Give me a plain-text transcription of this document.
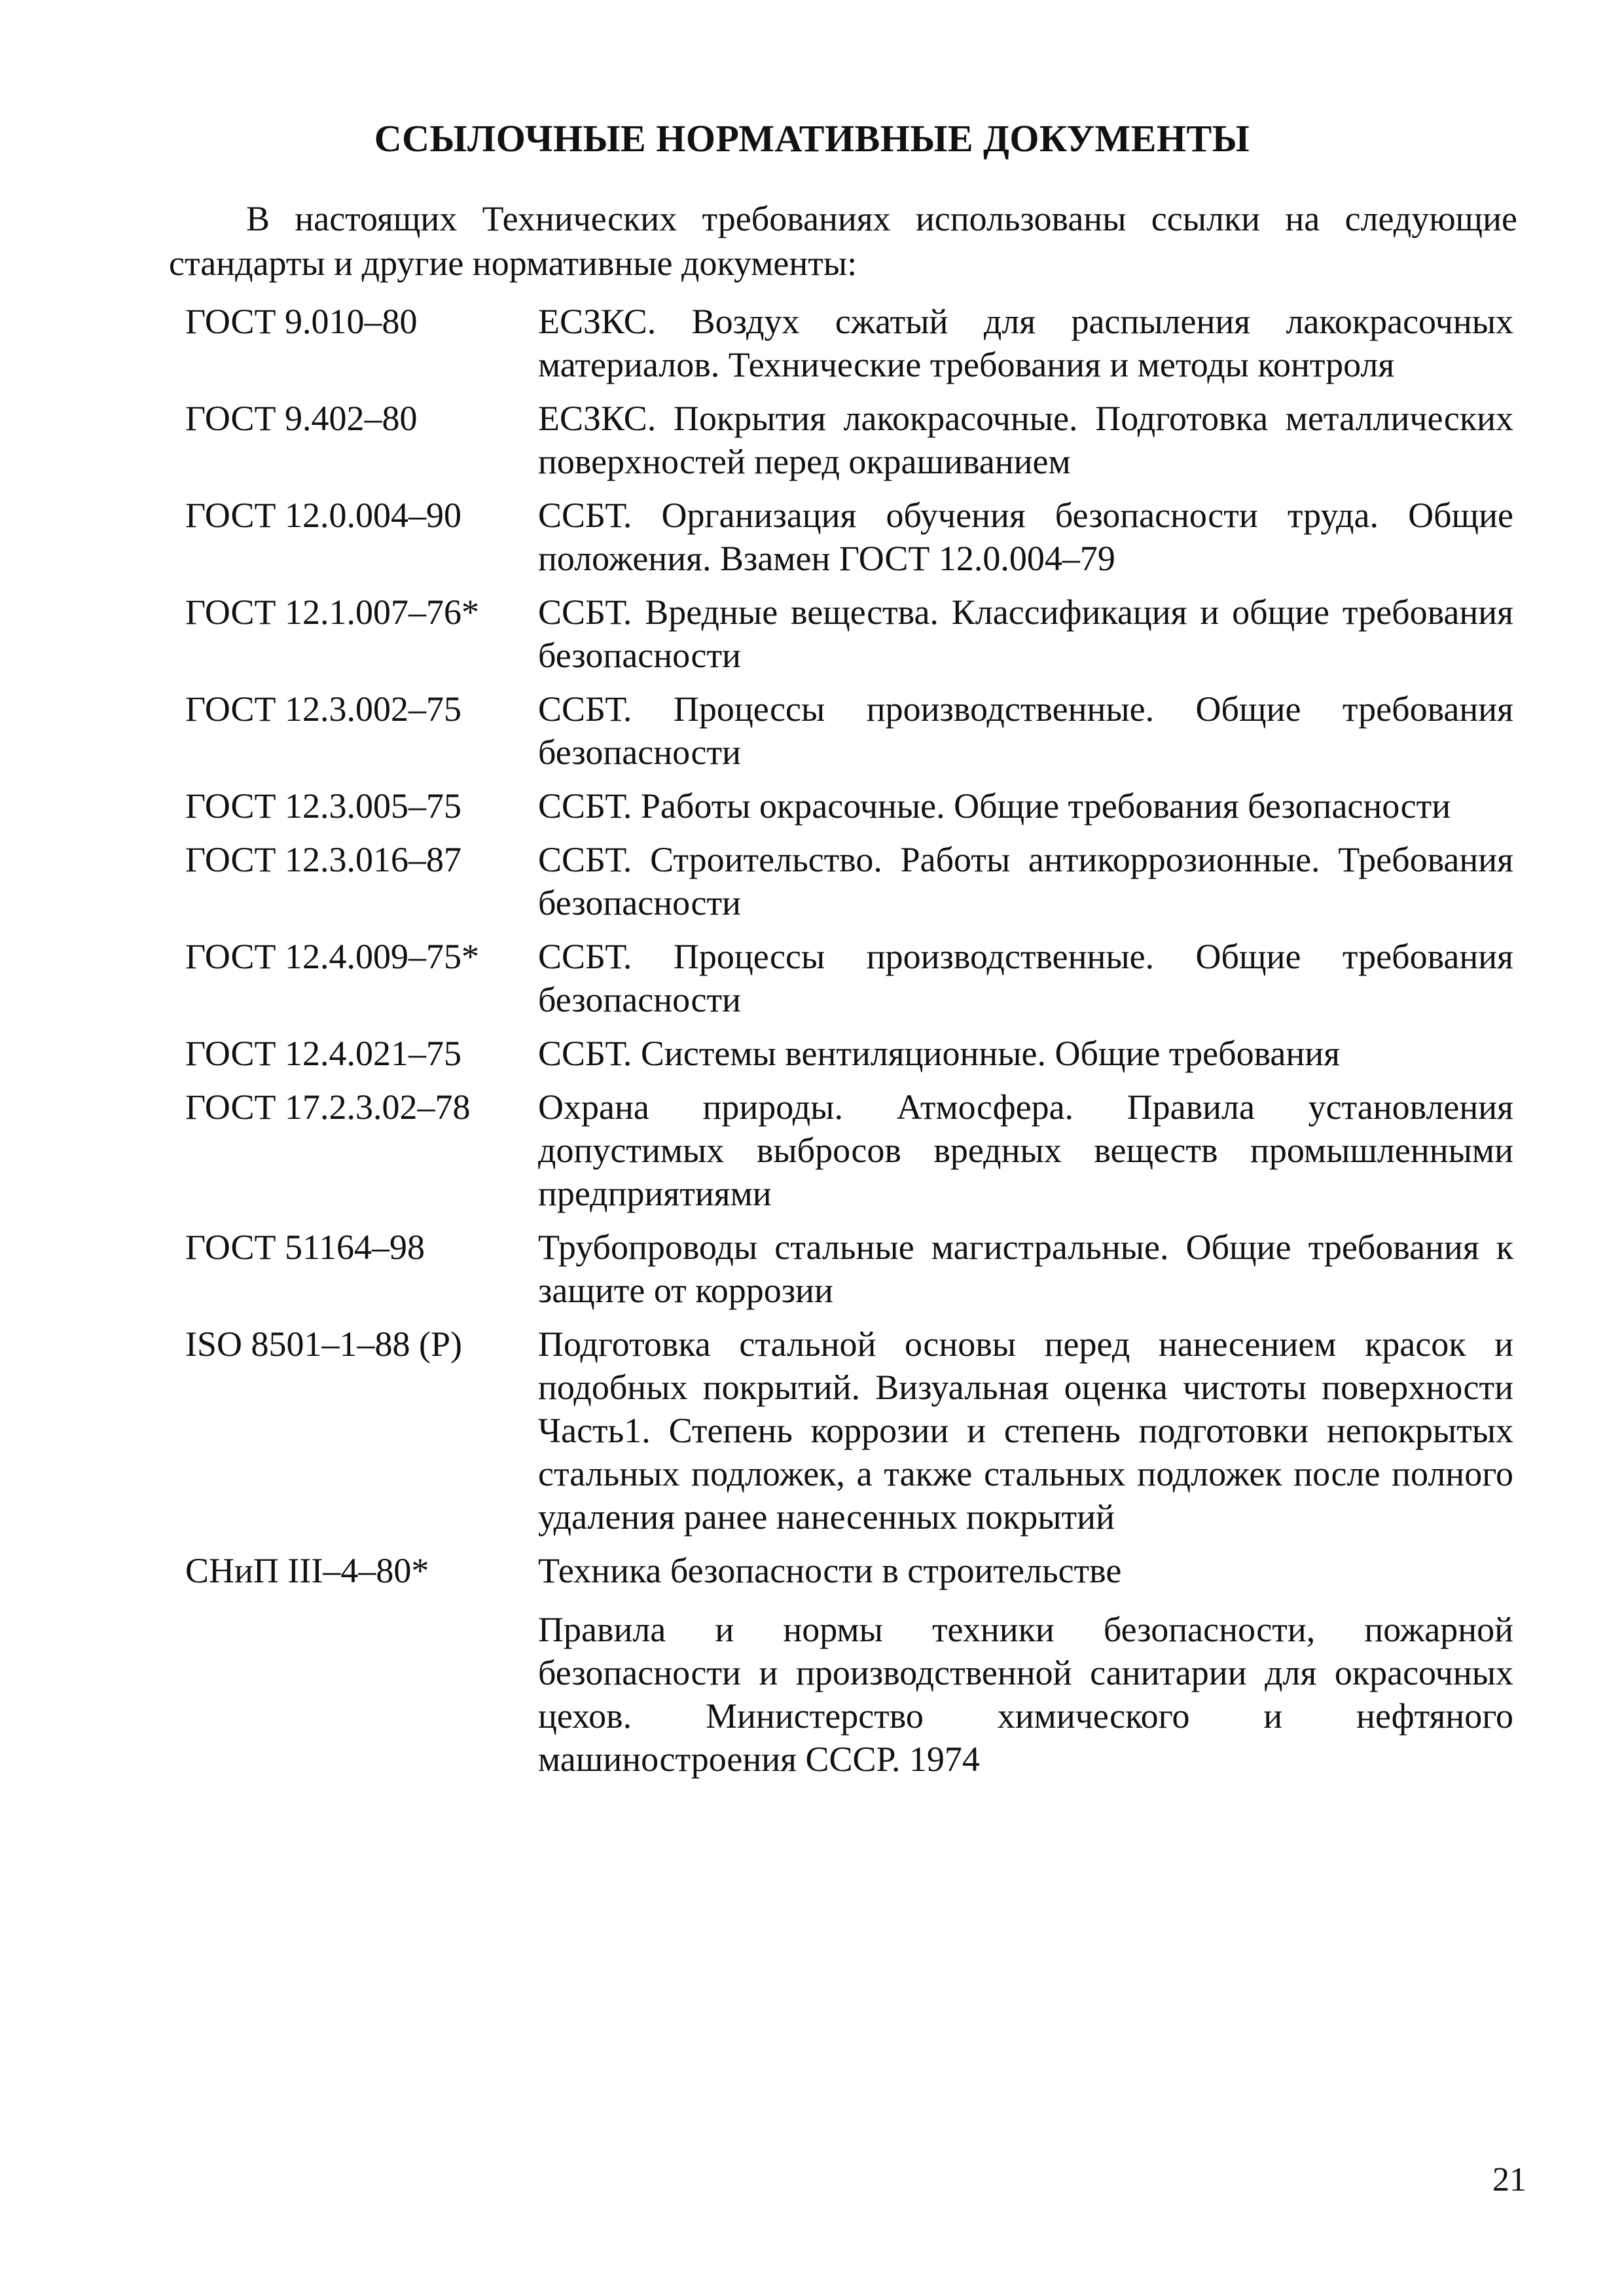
ССЫЛОЧНЫЕ НОРМАТИВНЫЕ ДОКУМЕНТЫ

В настоящих Технических требованиях использованы ссылки на следующие стандарты и другие нормативные документы:

ГОСТ 9.010–80	ЕСЗКС. Воздух сжатый для распыления лакокрасочных материалов. Технические требования и методы контроля
ГОСТ 9.402–80	ЕСЗКС. Покрытия лакокрасочные. Подготовка металлических поверхностей перед окрашиванием
ГОСТ 12.0.004–90	ССБТ. Организация обучения безопасности труда. Общие положения. Взамен ГОСТ 12.0.004–79
ГОСТ 12.1.007–76*	ССБТ. Вредные вещества. Классификация и общие требования безопасности
ГОСТ 12.3.002–75	ССБТ. Процессы производственные. Общие требования безопасности
ГОСТ 12.3.005–75	ССБТ. Работы окрасочные. Общие требования безопасности
ГОСТ 12.3.016–87	ССБТ. Строительство. Работы антикоррозионные. Требования безопасности
ГОСТ 12.4.009–75*	ССБТ. Процессы производственные. Общие требования безопасности
ГОСТ 12.4.021–75	ССБТ. Системы вентиляционные. Общие требования
ГОСТ 17.2.3.02–78	Охрана природы. Атмосфера. Правила установления допустимых выбросов вредных веществ промышленными предприятиями
ГОСТ 51164–98	Трубопроводы стальные магистральные. Общие требования к защите от коррозии
ISO 8501–1–88 (Р)	Подготовка стальной основы перед нанесением красок и подобных покрытий. Визуальная оценка чистоты поверхности Часть1. Степень коррозии и степень подготовки непокрытых стальных подложек, а также стальных подложек после полного удаления ранее нанесенных покрытий
СНиП III–4–80*	Техника безопасности в строительстве

Правила и нормы техники безопасности, пожарной безопасности и производственной санитарии для окрасочных цехов. Министерство химического и нефтяного машиностроения СССР. 1974

21
